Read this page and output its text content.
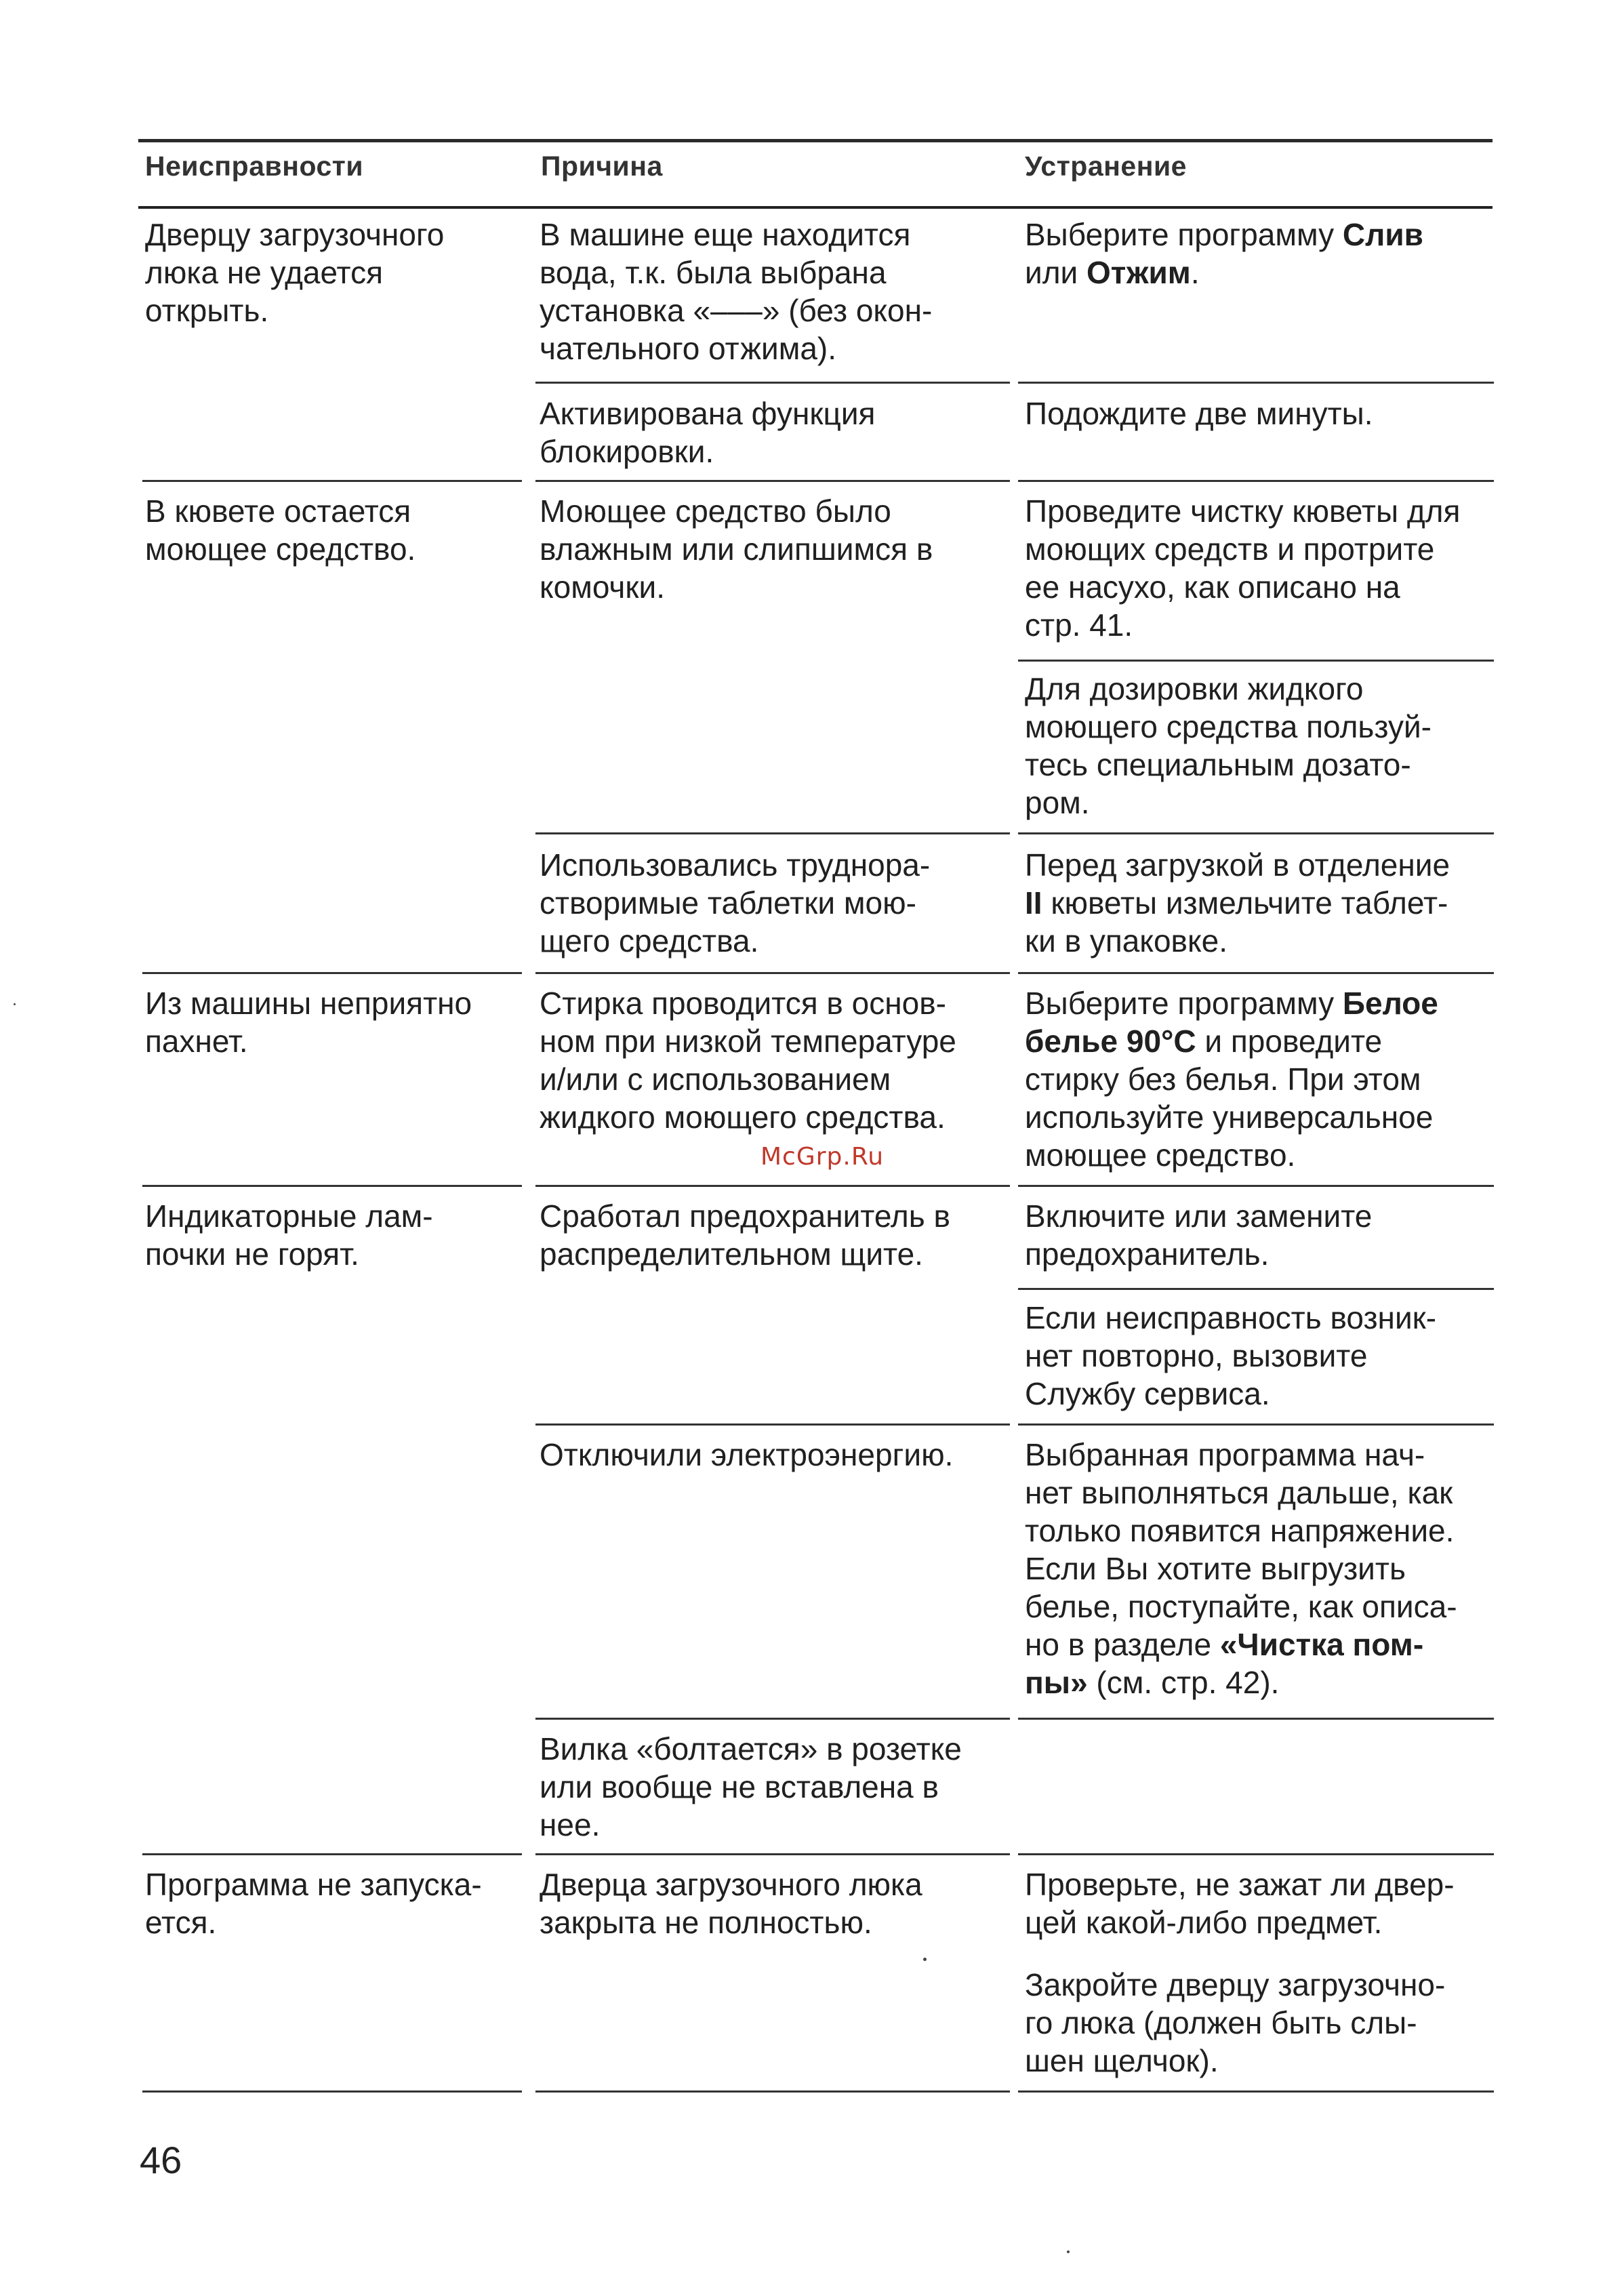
Неисправности	Причина	Устранение
Дверцу загрузочного
люка не удается
открыть.
В машине еще находится
вода, т.к. была выбрана
установка «–––» (без окон-
чательного отжима).
Выберите программу Слив
или Отжим.
Активирована функция
блокировки.
Подождите две минуты.
В кювете остается
моющее средство.
Моющее средство было
влажным или слипшимся в
комочки.
Проведите чистку кюветы для
моющих средств и протрите
ее насухо, как описано на
стр. 41.
Для дозировки жидкого
моющего средства пользуй-
тесь специальным дозато-
ром.
Использовались труднора-
створимые таблетки мою-
щего средства.
Перед загрузкой в отделение
II кюветы измельчите таблет-
ки в упаковке.
Из машины неприятно
пахнет.
Стирка проводится в основ-
ном при низкой температуре
и/или с использованием
жидкого моющего средства.
Выберите программу Белое
белье 90°C и проведите
стирку без белья. При этом
используйте универсальное
моющее средство.
McGrp.Ru
Индикаторные лам-
почки не горят.
Сработал предохранитель в
распределительном щите.
Включите или замените
предохранитель.
Если неисправность возник-
нет повторно, вызовите
Службу сервиса.
Отключили электроэнергию. Выбранная программа нач-
нет выполняться дальше, как
только появится напряжение.
Если Вы хотите выгрузить
белье, поступайте, как описа-
но в разделе «Чистка пом-
пы» (см. стр. 42).
Вилка «болтается» в розетке
или вообще не вставлена в
нее.
Программа не запуска-
ется.
Дверца загрузочного люка
закрыта не полностью.
Проверьте, не зажат ли двер-
цей какой-либо предмет.
Закройте дверцу загрузочно-
го люка (должен быть слы-
шен щелчок).
46
